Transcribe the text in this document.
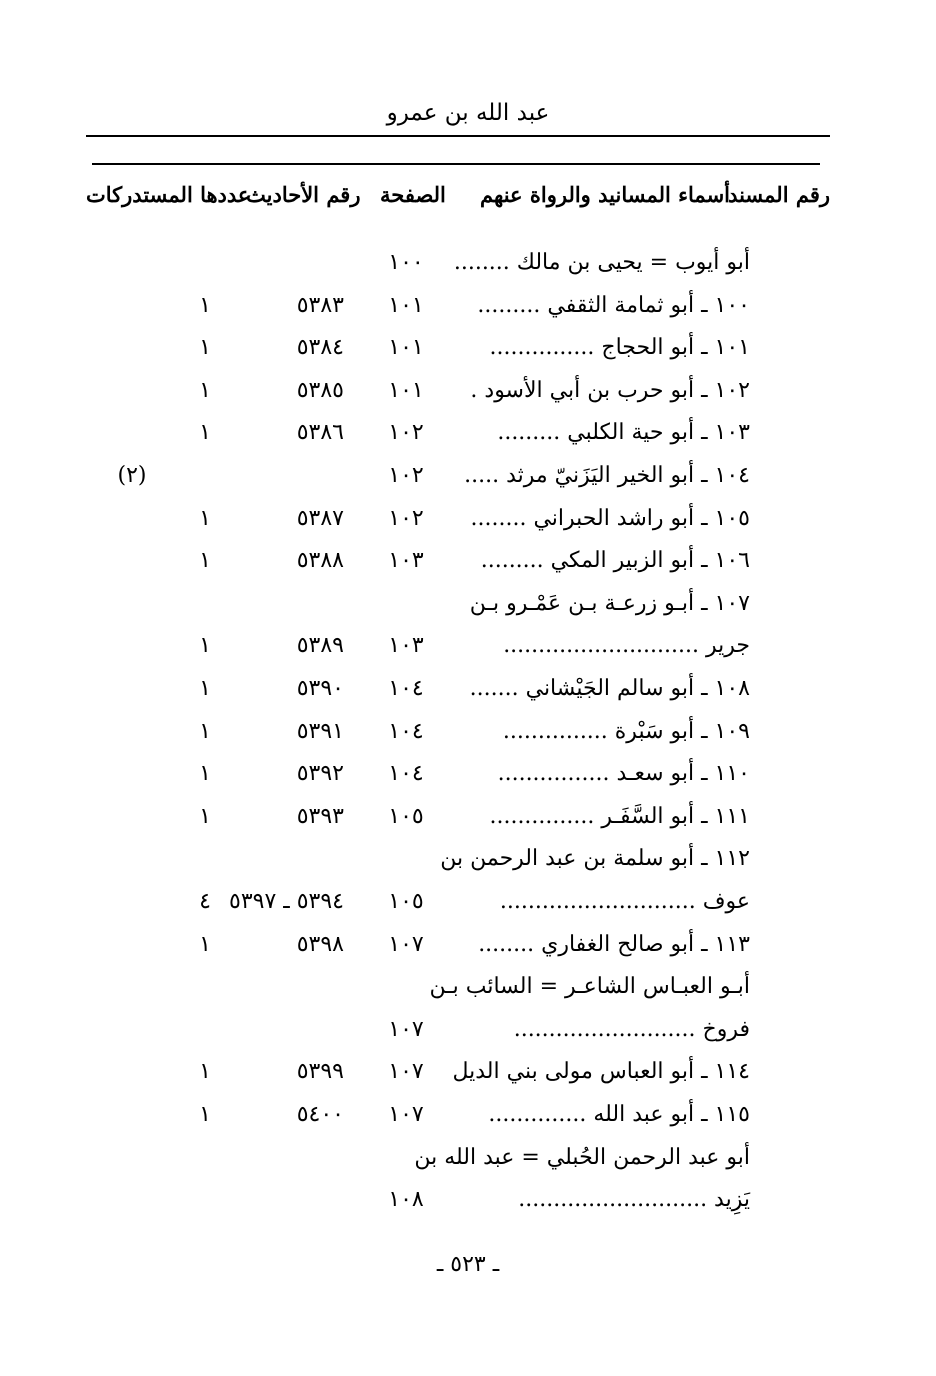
عبد الله بن عمرو
رقم المسند
أسماء المسانيد والرواة عنهم
الصفحة
رقم الأحاديث
عددها المستدركات
أبو أيوب = يحيى بن مالك ........
١٠٠
١٠٠ ـ أبو ثمامة الثقفي .........
١٠١
٥٣٨٣
١
١٠١ ـ أبو الحجاج ...............
١٠١
٥٣٨٤
١
١٠٢ ـ أبو حرب بن أبي الأسود .
١٠١
٥٣٨٥
١
١٠٣ ـ أبو حية الكلبي .........
١٠٢
٥٣٨٦
١
١٠٤ ـ أبو الخير اليَزَنيّ مرثد .....
١٠٢
(٢)
١٠٥ ـ أبو راشد الحبراني ........
١٠٢
٥٣٨٧
١
١٠٦ ـ أبو الزبير المكي .........
١٠٣
٥٣٨٨
١
١٠٧ ـ أبـو زرعـة بـن عَمْـرو بـن
جرير ............................
١٠٣
٥٣٨٩
١
١٠٨ ـ أبو سالم الجَيْشاني .......
١٠٤
٥٣٩٠
١
١٠٩ ـ أبو سَبْرة ...............
١٠٤
٥٣٩١
١
١١٠ ـ أبو سعـد ................
١٠٤
٥٣٩٢
١
١١١ ـ أبو السَّفَـر ...............
١٠٥
٥٣٩٣
١
١١٢ ـ أبو سلمة بن عبد الرحمن بن
عوف ............................
١٠٥
٥٣٩٤ ـ ٥٣٩٧
٤
١١٣ ـ أبو صالح الغفاري ........
١٠٧
٥٣٩٨
١
أبـو العبـاس الشاعـر = السائب بـن
فروخ ..........................
١٠٧
١١٤ ـ أبو العباس مولى بني الديل
١٠٧
٥٣٩٩
١
١١٥ ـ أبو عبد الله ..............
١٠٧
٥٤٠٠
١
أبو عبد الرحمن الحُبلي = عبد الله بن
يَزِيد ...........................
١٠٨
ـ ٥٢٣ ـ
